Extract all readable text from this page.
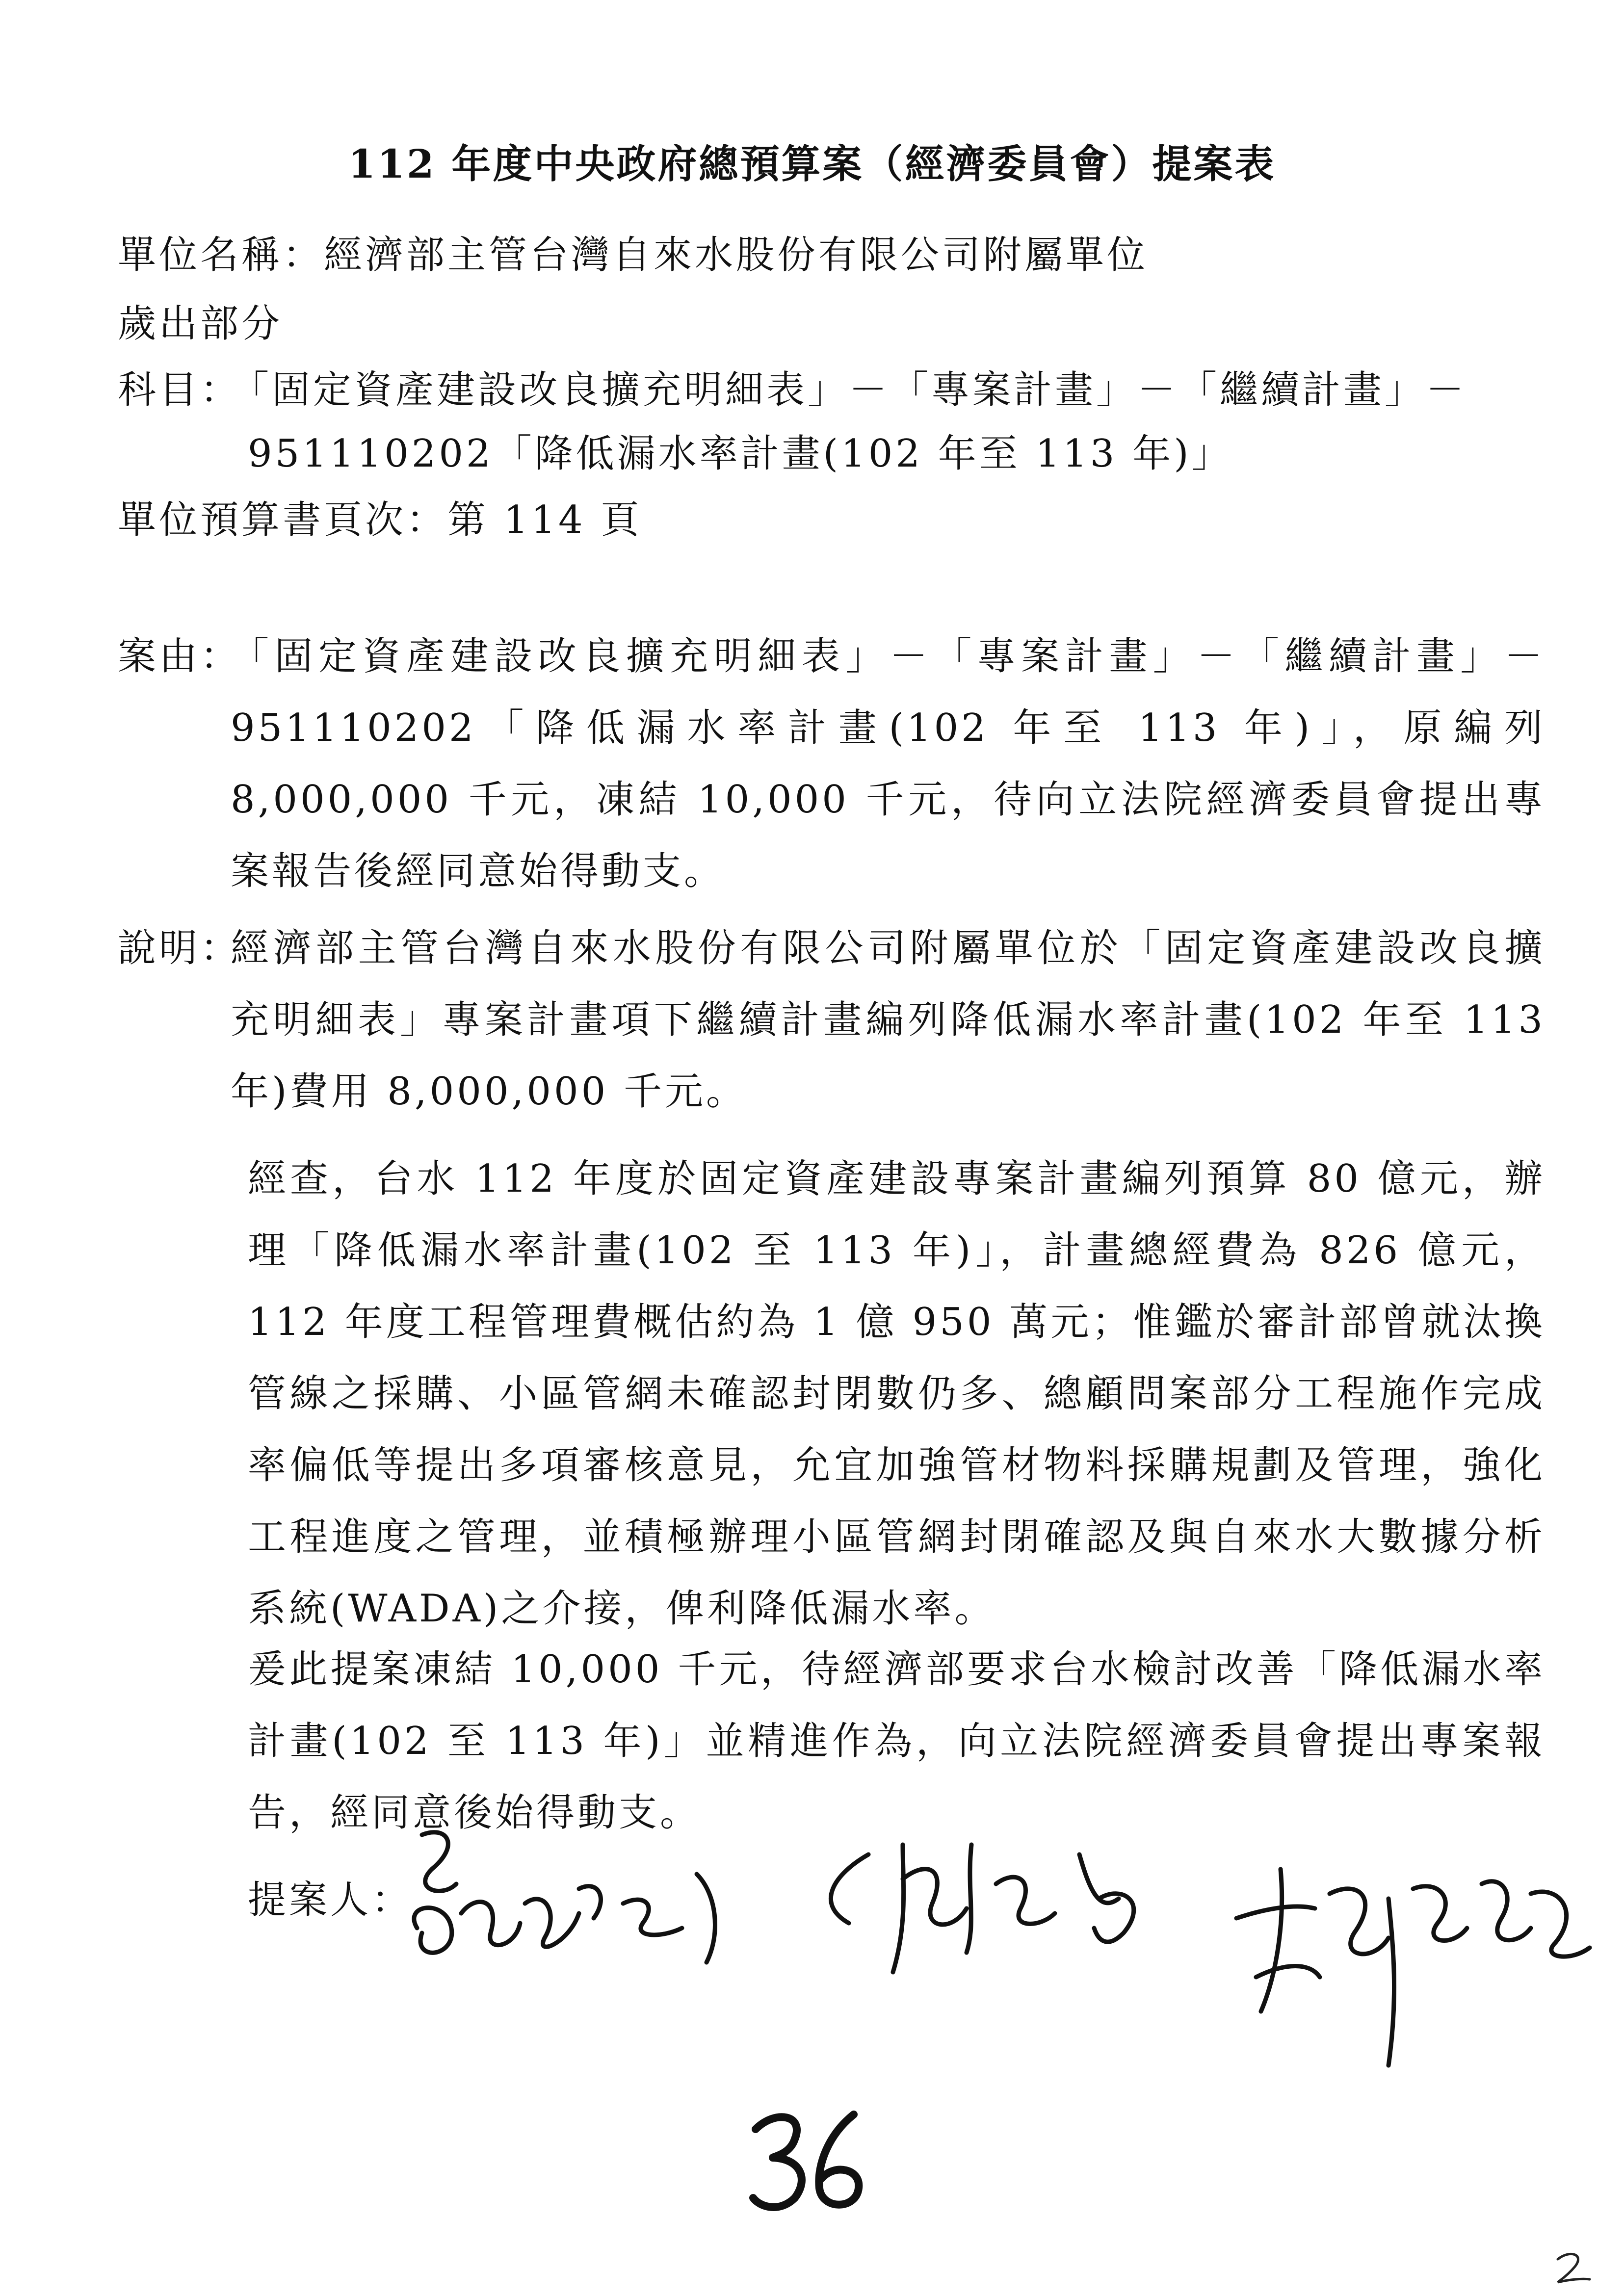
112 年度中央政府總預算案（經濟委員會）提案表
單位名稱：經濟部主管台灣自來水股份有限公司附屬單位
歲出部分
科目：
「固定資產建設改良擴充明細表」－「專案計畫」－「繼續計畫」－
951110202「降低漏水率計畫(102 年至 113 年)」
單位預算書頁次：第 114 頁
案由：
「固定資產建設改良擴充明細表」－「專案計畫」－「繼續計畫」－951110202「降低漏水率計畫(102 年至 113 年)」，原編列 8,000,000 千元，凍結 10,000 千元，待向立法院經濟委員會提出專案報告後經同意始得動支。
說明：

經濟部主管台灣自來水股份有限公司附屬單位於「固定資產建設改良擴充明細表」專案計畫項下繼續計畫編列降低漏水率計畫(102 年至 113 年)費用 8,000,000 千元。

經查，台水 112 年度於固定資產建設專案計畫編列預算 80 億元，辦理「降低漏水率計畫(102 至 113 年)」，計畫總經費為 826 億元，112 年度工程管理費概估約為 1 億 950 萬元；惟鑑於審計部曾就汰換管線之採購、小區管網未確認封閉數仍多、總顧問案部分工程施作完成率偏低等提出多項審核意見，允宜加強管材物料採購規劃及管理，強化工程進度之管理，並積極辦理小區管網封閉確認及與自來水大數據分析系統(WADA)之介接，俾利降低漏水率。

爰此提案凍結 10,000 千元，待經濟部要求台水檢討改善「降低漏水率計畫(102 至 113 年)」並精進作為，向立法院經濟委員會提出專案報告，經同意後始得動支。

提案人：
